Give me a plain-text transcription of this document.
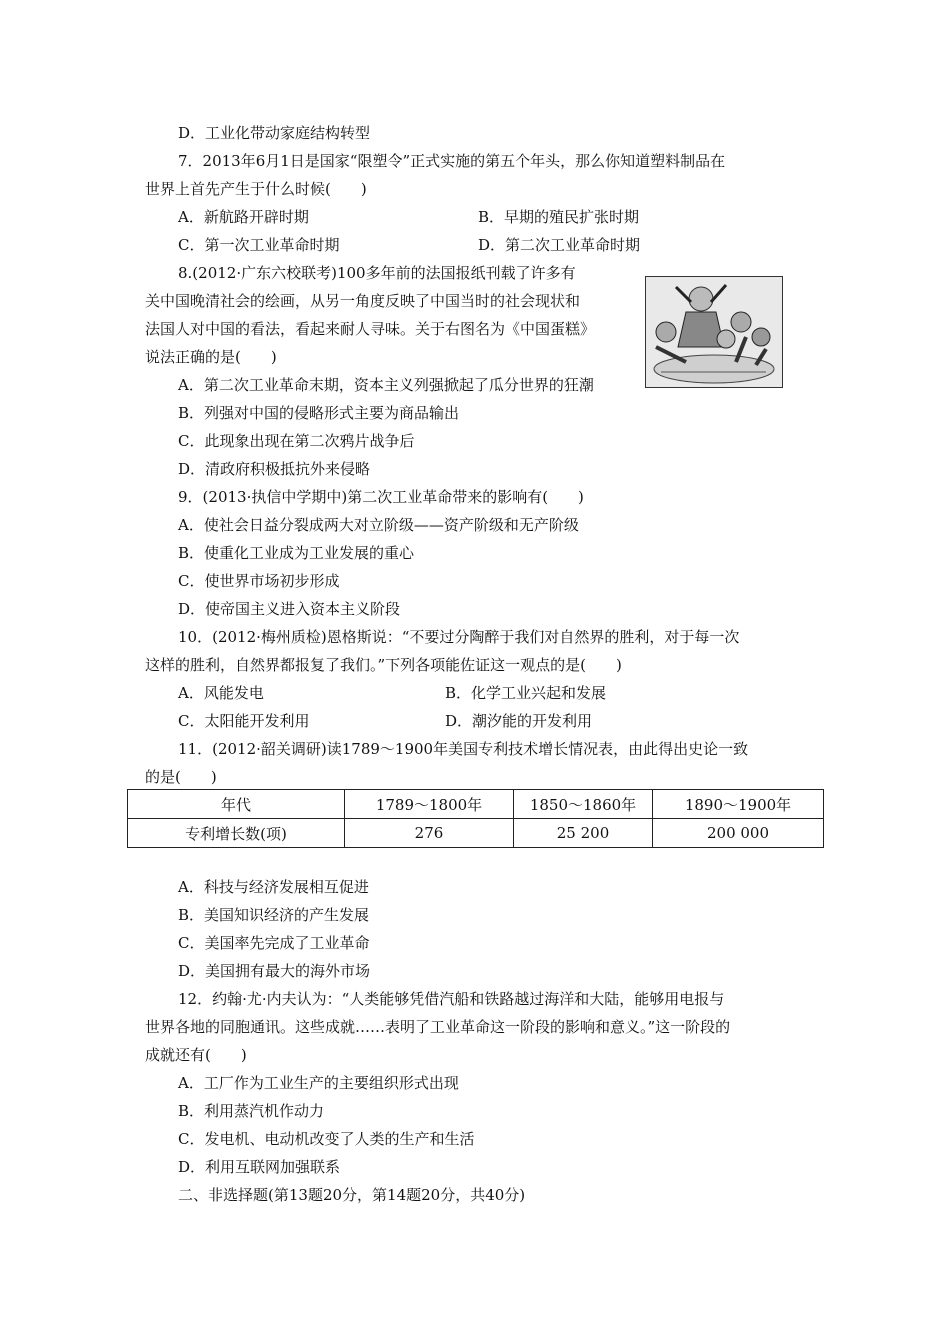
D．工业化带动家庭结构转型
7．2013年6月1日是国家“限塑令”正式实施的第五个年头，那么你知道塑料制品在
世界上首先产生于什么时候(　　)
A．新航路开辟时期	B．早期的殖民扩张时期
C．第一次工业革命时期	D．第二次工业革命时期
8.(2012·广东六校联考)100多年前的法国报纸刊载了许多有
关中国晚清社会的绘画，从另一角度反映了中国当时的社会现状和
法国人对中国的看法，看起来耐人寻味。关于右图名为《中国蛋糕》
说法正确的是(　　)
A．第二次工业革命末期，资本主义列强掀起了瓜分世界的狂潮
B．列强对中国的侵略形式主要为商品输出
C．此现象出现在第二次鸦片战争后
D．清政府积极抵抗外来侵略
9．(2013·执信中学期中)第二次工业革命带来的影响有(　　)
A．使社会日益分裂成两大对立阶级——资产阶级和无产阶级
B．使重化工业成为工业发展的重心
C．使世界市场初步形成
D．使帝国主义进入资本主义阶段
10．(2012·梅州质检)恩格斯说：“不要过分陶醉于我们对自然界的胜利，对于每一次
这样的胜利，自然界都报复了我们。”下列各项能佐证这一观点的是(　　)
A．风能发电	B．化学工业兴起和发展
C．太阳能开发利用	D．潮汐能的开发利用
11．(2012·韶关调研)读1789～1900年美国专利技术增长情况表，由此得出史论一致
的是(　　)
年代	1789～1800年	1850～1860年	1890～1900年
专利增长数(项)	276	25 200	200 000
A．科技与经济发展相互促进
B．美国知识经济的产生发展
C．美国率先完成了工业革命
D．美国拥有最大的海外市场
12．约翰·尤·内夫认为：“人类能够凭借汽船和铁路越过海洋和大陆，能够用电报与
世界各地的同胞通讯。这些成就……表明了工业革命这一阶段的影响和意义。”这一阶段的
成就还有(　　)
A．工厂作为工业生产的主要组织形式出现
B．利用蒸汽机作动力
C．发电机、电动机改变了人类的生产和生活
D．利用互联网加强联系
二、非选择题(第13题20分，第14题20分，共40分)
